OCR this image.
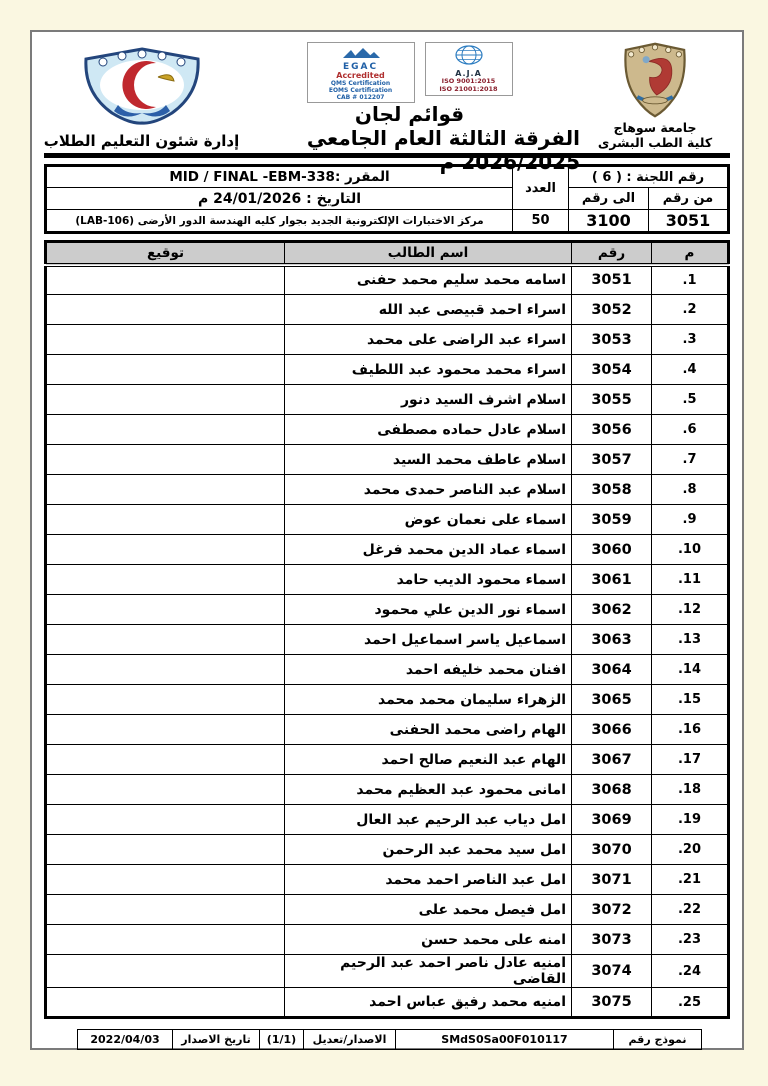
جامعة سوهاج
كلية الطب البشرى
EGAC
Accredited
QMS Certification
EOMS Certification
CAB # 012207
A.J.A
ISO 9001:2015
ISO 21001:2018
قوائم لجان
الفرقة الثالثة العام الجامعي 2026/2025 م
إدارة شئون التعليم الطلاب
رقم اللجنة : ( 6 )		العدد	المقرر :MID / FINAL -EBM-338
من رقم	الى رقم		التاريخ : 24/01/2026 م
3051	3100	50	مركز الاختبارات الإلكترونية الجديد بجوار كليه الهندسة الدور الأرضى (LAB-106)
م	رقم	اسم الطالب	توقيع
1.	3051	اسامه محمد سليم محمد حفنى	
2.	3052	اسراء احمد قبيصى عبد الله	
3.	3053	اسراء عبد الراضى على محمد	
4.	3054	اسراء محمد محمود عبد اللطيف	
5.	3055	اسلام اشرف السيد دنور	
6.	3056	اسلام عادل حماده مصطفى	
7.	3057	اسلام عاطف محمد السيد	
8.	3058	اسلام عبد الناصر حمدى محمد	
9.	3059	اسماء على نعمان عوض	
10.	3060	اسماء عماد الدين محمد فرغل	
11.	3061	اسماء محمود الديب حامد	
12.	3062	اسماء نور الدين علي محمود	
13.	3063	اسماعيل ياسر اسماعيل احمد	
14.	3064	افنان محمد خليفه احمد	
15.	3065	الزهراء سليمان محمد محمد	
16.	3066	الهام راضى محمد الحفنى	
17.	3067	الهام عبد النعيم صالح احمد	
18.	3068	امانى محمود عبد العظيم محمد	
19.	3069	امل دياب عبد الرحيم عبد العال	
20.	3070	امل سيد محمد عبد الرحمن	
21.	3071	امل عبد الناصر احمد محمد	
22.	3072	امل فيصل محمد على	
23.	3073	امنه على محمد حسن	
24.	3074	امنيه عادل ناصر احمد عبد الرحيم القاضى	
25.	3075	امنيه محمد رفيق عباس احمد	
نموذج رقم	SMdS0Sa00F010117	الاصدار/تعديل	(1/1)	تاريخ الاصدار	2022/04/03
